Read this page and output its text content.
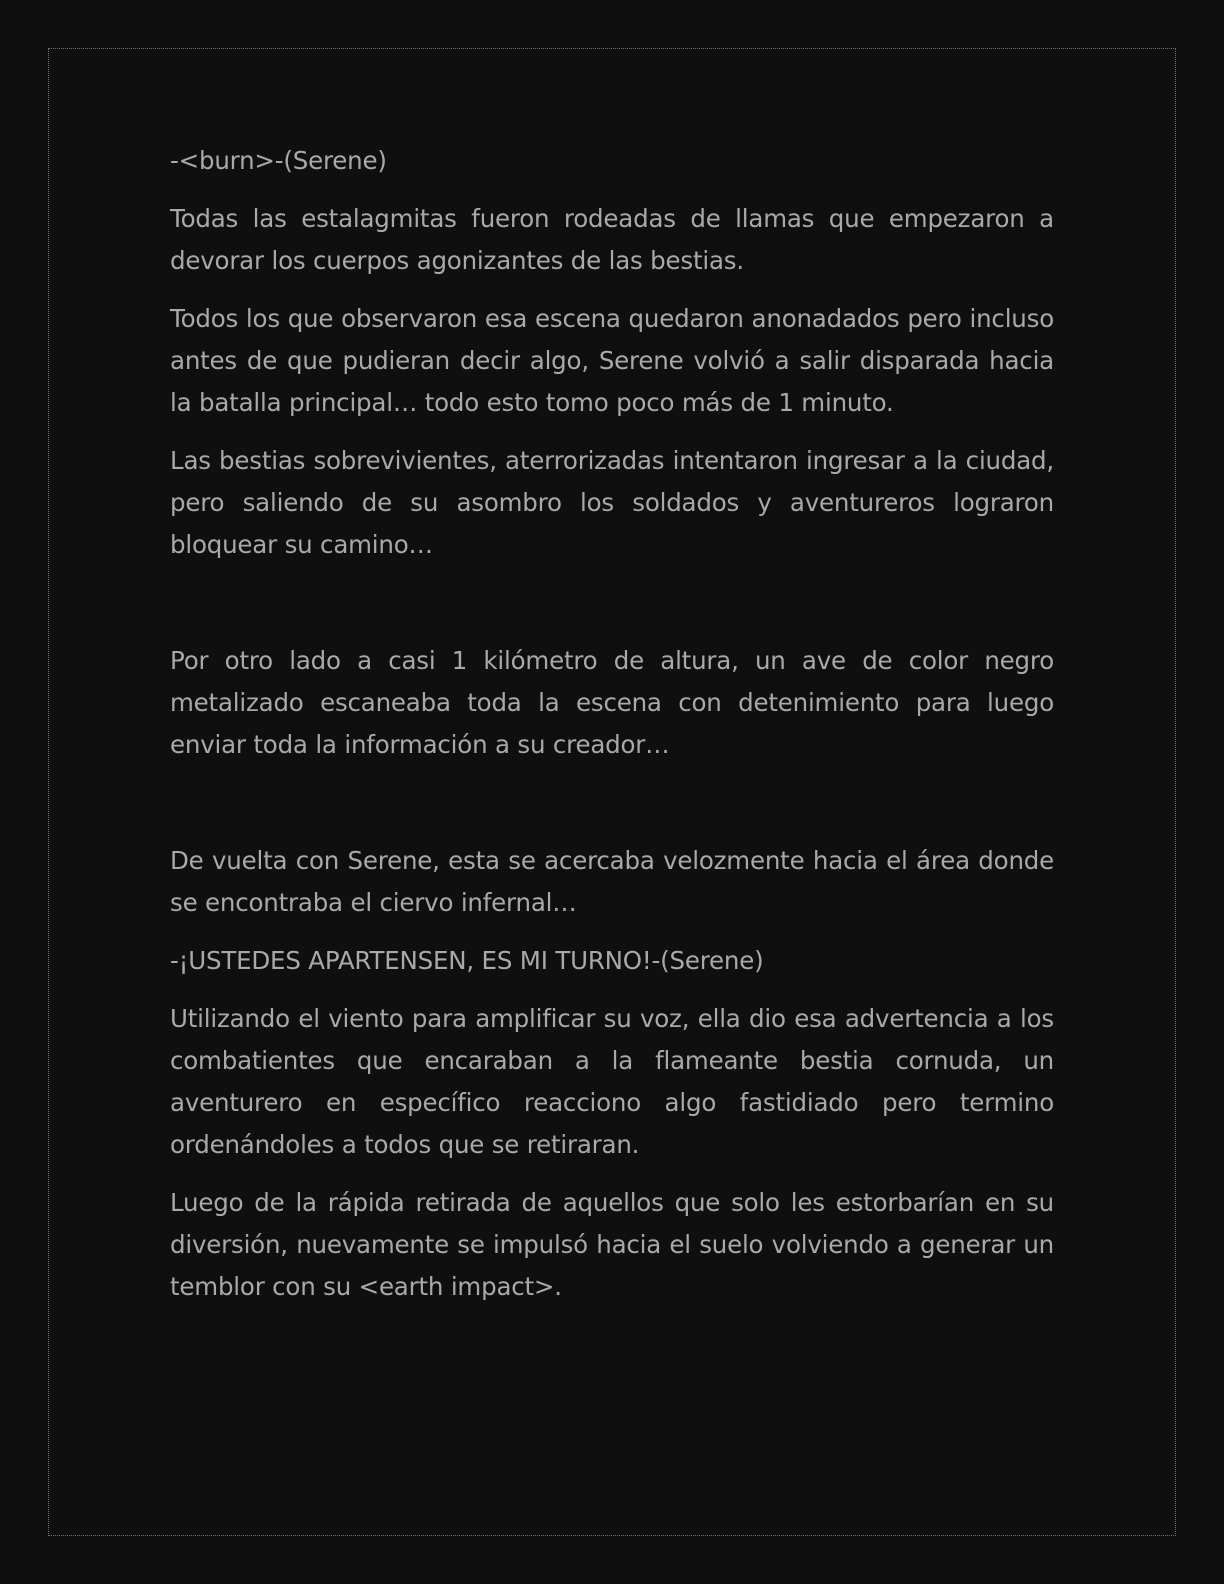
-<burn>-(Serene)

Todas las estalagmitas fueron rodeadas de llamas que empezaron a devorar los cuerpos agonizantes de las bestias.

Todos los que observaron esa escena quedaron anonadados pero incluso antes de que pudieran decir algo, Serene volvió a salir disparada hacia la batalla principal… todo esto tomo poco más de 1 minuto.

Las bestias sobrevivientes, aterrorizadas intentaron ingresar a la ciudad, pero saliendo de su asombro los soldados y aventureros lograron bloquear su camino…

Por otro lado a casi 1 kilómetro de altura, un ave de color negro metalizado escaneaba toda la escena con detenimiento para luego enviar toda la información a su creador…

De vuelta con Serene, esta se acercaba velozmente hacia el área donde se encontraba el ciervo infernal…

-¡USTEDES APARTENSEN, ES MI TURNO!-(Serene)

Utilizando el viento para amplificar su voz, ella dio esa advertencia a los combatientes que encaraban a la flameante bestia cornuda, un aventurero en específico reacciono algo fastidiado pero termino ordenándoles a todos que se retiraran.

Luego de la rápida retirada de aquellos que solo les estorbarían en su diversión, nuevamente se impulsó hacia el suelo volviendo a generar un temblor con su <earth impact>.
